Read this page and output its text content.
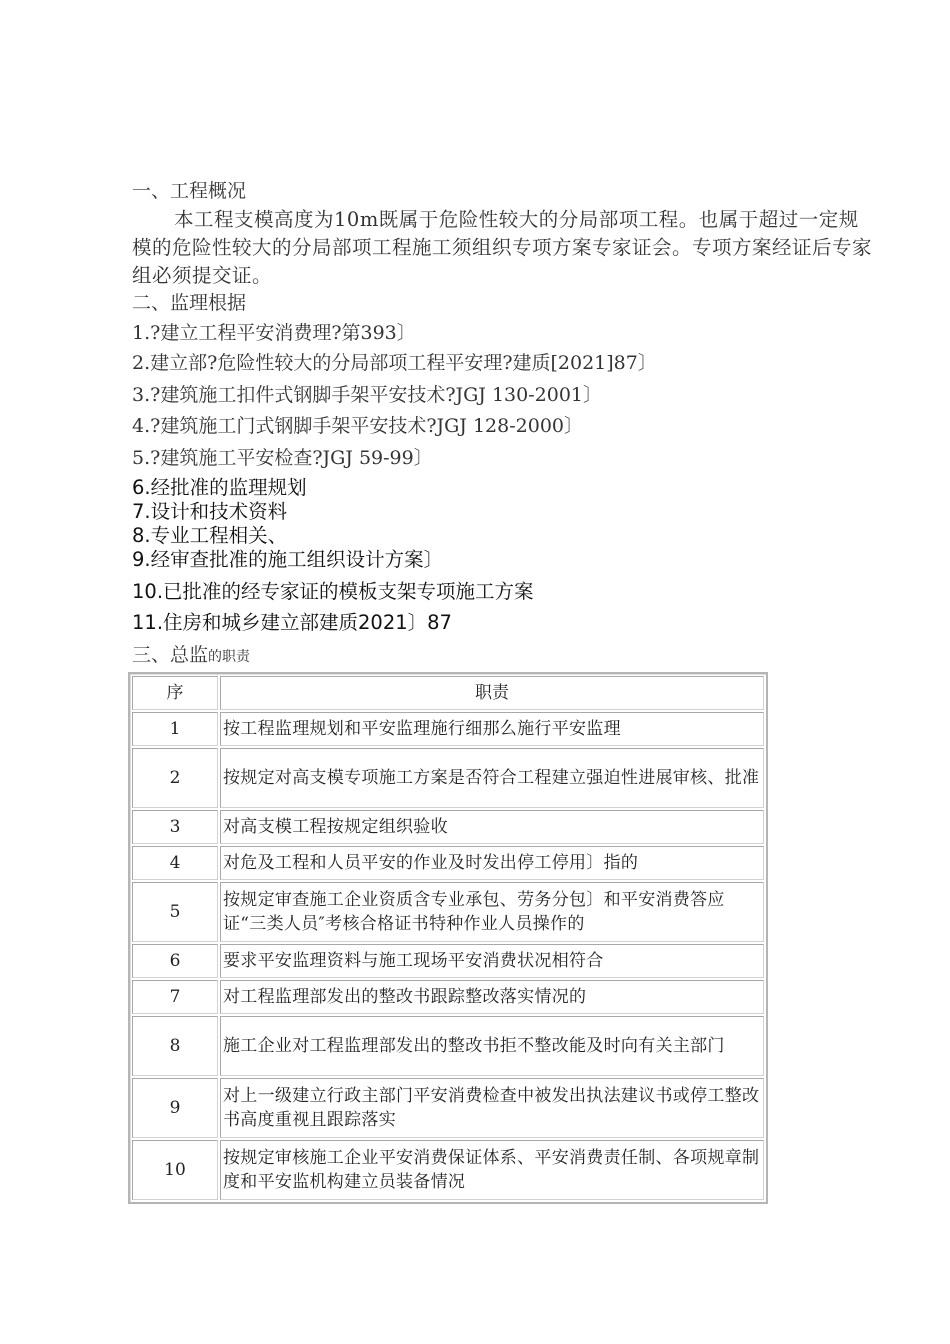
一、工程概况
本工程支模高度为10m既属于危险性较大的分局部项工程。也属于超过一定规模的危险性较大的分局部项工程施工须组织专项方案专家证会。专项方案经证后专家组必须提交证。
二、监理根据
1.?建立工程平安消费理?第393〕
2.建立部?危险性较大的分局部项工程平安理?建质[2021]87〕
3.?建筑施工扣件式钢脚手架平安技术?JGJ 130-2001〕
4.?建筑施工门式钢脚手架平安技术?JGJ 128-2000〕
5.?建筑施工平安检查?JGJ 59-99〕
6.经批准的监理规划
7.设计和技术资料
8.专业工程相关、
9.经审查批准的施工组织设计方案〕
10.已批准的经专家证的模板支架专项施工方案
11.住房和城乡建立部建质2021〕87
三、总监的职责
序	职责
1	按工程监理规划和平安监理施行细那么施行平安监理
2	按规定对高支模专项施工方案是否符合工程建立强迫性进展审核、批准
3	对高支模工程按规定组织验收
4	对危及工程和人员平安的作业及时发出停工停用〕指的
5	按规定审查施工企业资质含专业承包、劳务分包〕和平安消费答应证“三类人员″考核合格证书特种作业人员操作的
6	要求平安监理资料与施工现场平安消费状况相符合
7	对工程监理部发出的整改书跟踪整改落实情况的
8	施工企业对工程监理部发出的整改书拒不整改能及时向有关主部门
9	对上一级建立行政主部门平安消费检查中被发出执法建议书或停工整改书高度重视且跟踪落实
10	按规定审核施工企业平安消费保证体系、平安消费责任制、各项规章制度和平安监机构建立员装备情况
